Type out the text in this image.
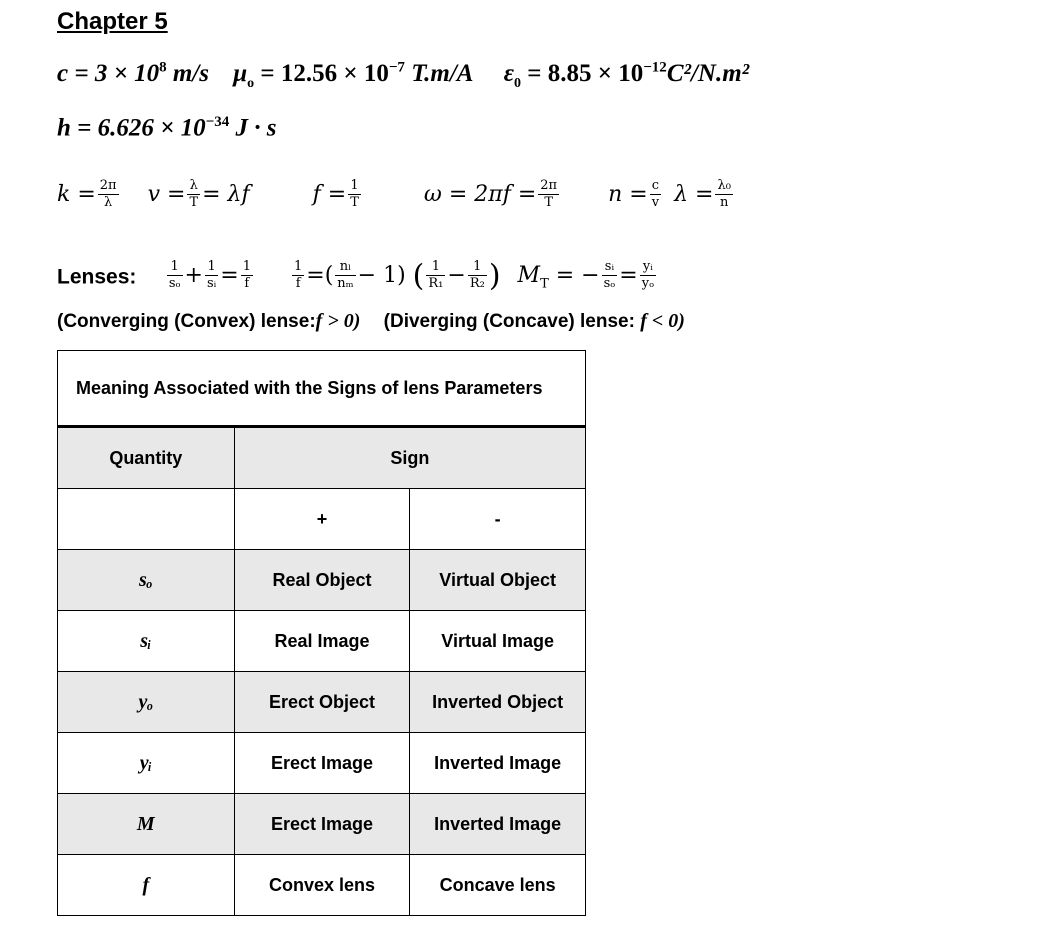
Chapter 5
$c = 3 \times 10^8$ m/s $\mu_o = 12.56 \times 10^{-7}$ T.m/A $\varepsilon_0 = 8.85 \times 10^{-12}C^2/N.m^2$
$h = 6.626 \times 10^{-34}$ J · s
$k = \frac{2\pi}{\lambda}$ $v = \frac{\lambda}{T} = \lambda f$	$f = \frac{1}{T}$	$\omega = 2\pi f = \frac{2\pi}{T}$ $n = \frac{c}{v}$ $\lambda = \frac{\text{λ₀}}{n}$
Lenses: $\frac{1}{\text{sₒ}} + \frac{1}{\text{sᵢ}} = \frac{1}{f}$
	$\frac{1}{f}$ =( $\frac{\text{nₗ}}{\text{nₘ}} - 1$) ( $\frac{1}{\text{R₁}} - \frac{1}{\text{R₂}}$ ) $M_T$ = − $\frac{\text{sᵢ}}{\text{sₒ}} = \frac{\text{yᵢ}}{\text{yₒ}}$
(Converging (Convex) lense:f > 0) (Diverging (Concave) lense: f < 0)
Meaning Associated with the Signs of lens Parameters		
Quantity	Sign	
	+	-
sₒ	Real Object	Virtual Object
sᵢ	Real Image	Virtual Image
yₒ	Erect Object	Inverted Object
yᵢ	Erect Image	Inverted Image
M	Erect Image	Inverted Image
f	Convex lens	Concave lens
